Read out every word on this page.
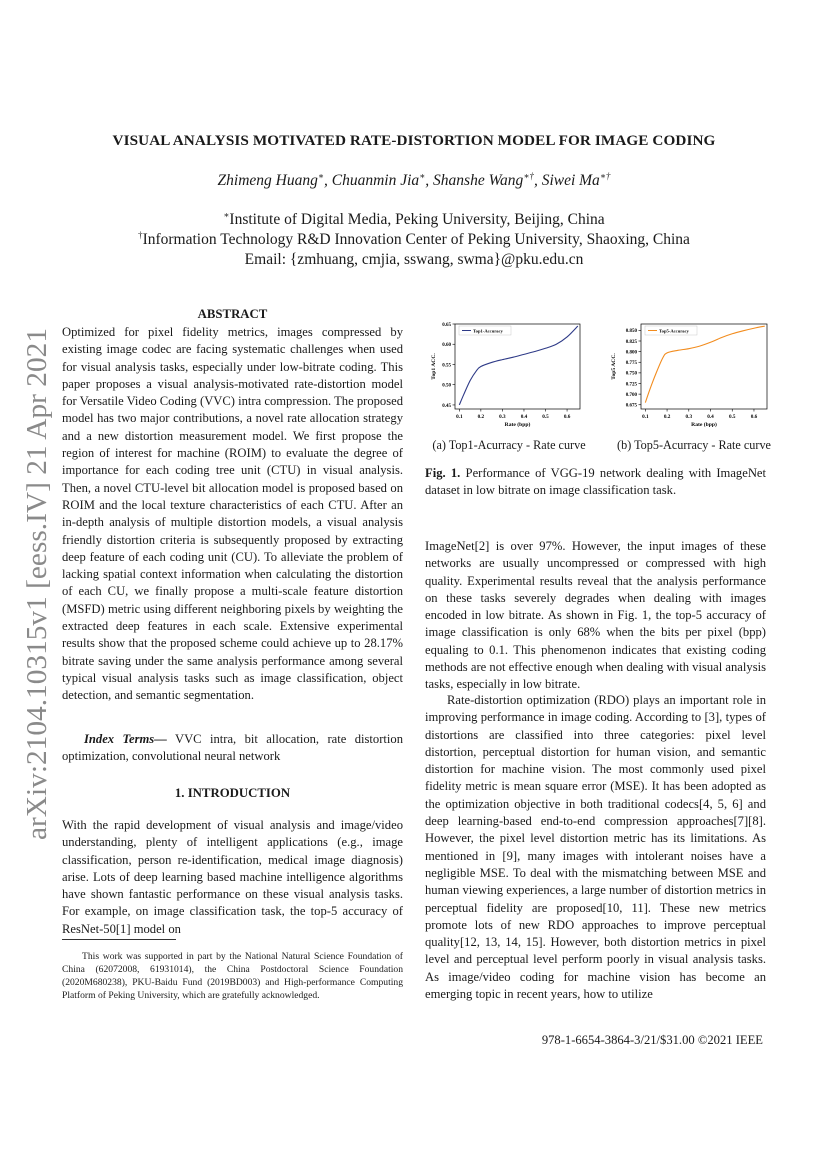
arXiv:2104.10315v1 [eess.IV] 21 Apr 2021
VISUAL ANALYSIS MOTIVATED RATE-DISTORTION MODEL FOR IMAGE CODING
Zhimeng Huang∗, Chuanmin Jia∗, Shanshe Wang∗†, Siwei Ma∗†
∗Institute of Digital Media, Peking University, Beijing, China
†Information Technology R&D Innovation Center of Peking University, Shaoxing, China
Email: {zmhuang, cmjia, sswang, swma}@pku.edu.cn
ABSTRACT

Optimized for pixel fidelity metrics, images compressed by existing image codec are facing systematic challenges when used for visual analysis tasks, especially under low-bitrate coding. This paper proposes a visual analysis-motivated rate-distortion model for Versatile Video Coding (VVC) intra compression. The proposed model has two major contributions, a novel rate allocation strategy and a new distortion measurement model. We first propose the region of interest for machine (ROIM) to evaluate the degree of importance for each coding tree unit (CTU) in visual analysis. Then, a novel CTU-level bit allocation model is proposed based on ROIM and the local texture characteristics of each CTU. After an in-depth analysis of multiple distortion models, a visual analysis friendly distortion criteria is subsequently proposed by extracting deep feature of each coding unit (CU). To alleviate the problem of lacking spatial context information when calculating the distortion of each CU, we finally propose a multi-scale feature distortion (MSFD) metric using different neighboring pixels by weighting the extracted deep features in each scale. Extensive experimental results show that the proposed scheme could achieve up to 28.17% bitrate saving under the same analysis performance among several typical visual analysis tasks such as image classification, object detection, and semantic segmentation.

Index Terms— VVC intra, bit allocation, rate distortion optimization, convolutional neural network

1. INTRODUCTION

With the rapid development of visual analysis and image/video understanding, plenty of intelligent applications (e.g., image classification, person re-identification, medical image diagnosis) arise. Lots of deep learning based machine intelligence algorithms have shown fantastic performance on these visual analysis tasks. For example, on image classification task, the top-5 accuracy of ResNet-50[1] model on

This work was supported in part by the National Natural Science Foundation of China (62072008, 61931014), the China Postdoctoral Science Foundation (2020M680238), PKU-Baidu Fund (2019BD003) and High-performance Computing Platform of Peking University, which are gratefully acknowledged.

0.1	0.2	0.3	0.4	0.5	0.6
0.45
0.50
0.55
0.60
0.65
Rate (bpp)
Top1 ACC.
Top1-Accuracy
0.1	0.2	0.3	0.4	0.5	0.6
0.675
0.700
0.725
0.750
0.775
0.800
0.825
0.850
Rate (bpp)
Top5 ACC.
Top5-Accuracy
(a) Top1-Acurracy - Rate curve	(b) Top5-Acurracy - Rate curve

Fig. 1. Performance of VGG-19 network dealing with ImageNet dataset in low bitrate on image classification task.

ImageNet[2] is over 97%. However, the input images of these networks are usually uncompressed or compressed with high quality. Experimental results reveal that the analysis performance on these tasks severely degrades when dealing with images encoded in low bitrate. As shown in Fig. 1, the top-5 accuracy of image classification is only 68% when the bits per pixel (bpp) equaling to 0.1. This phenomenon indicates that existing coding methods are not effective enough when dealing with visual analysis tasks, especially in low bitrate.

Rate-distortion optimization (RDO) plays an important role in improving performance in image coding. According to [3], types of distortions are classified into three categories: pixel level distortion, perceptual distortion for human vision, and semantic distortion for machine vision. The most commonly used pixel fidelity metric is mean square error (MSE). It has been adopted as the optimization objective in both traditional codecs[4, 5, 6] and deep learning-based end-to-end compression approaches[7][8]. However, the pixel level distortion metric has its limitations. As mentioned in [9], many images with intolerant noises have a negligible MSE. To deal with the mismatching between MSE and human viewing experiences, a large number of distortion metrics in perceptual fidelity are proposed[10, 11]. These new metrics promote lots of new RDO approaches to improve perceptual quality[12, 13, 14, 15]. However, both distortion metrics in pixel level and perceptual level perform poorly in visual analysis tasks. As image/video coding for machine vision has become an emerging topic in recent years, how to utilize

978-1-6654-3864-3/21/$31.00 ©2021 IEEE
